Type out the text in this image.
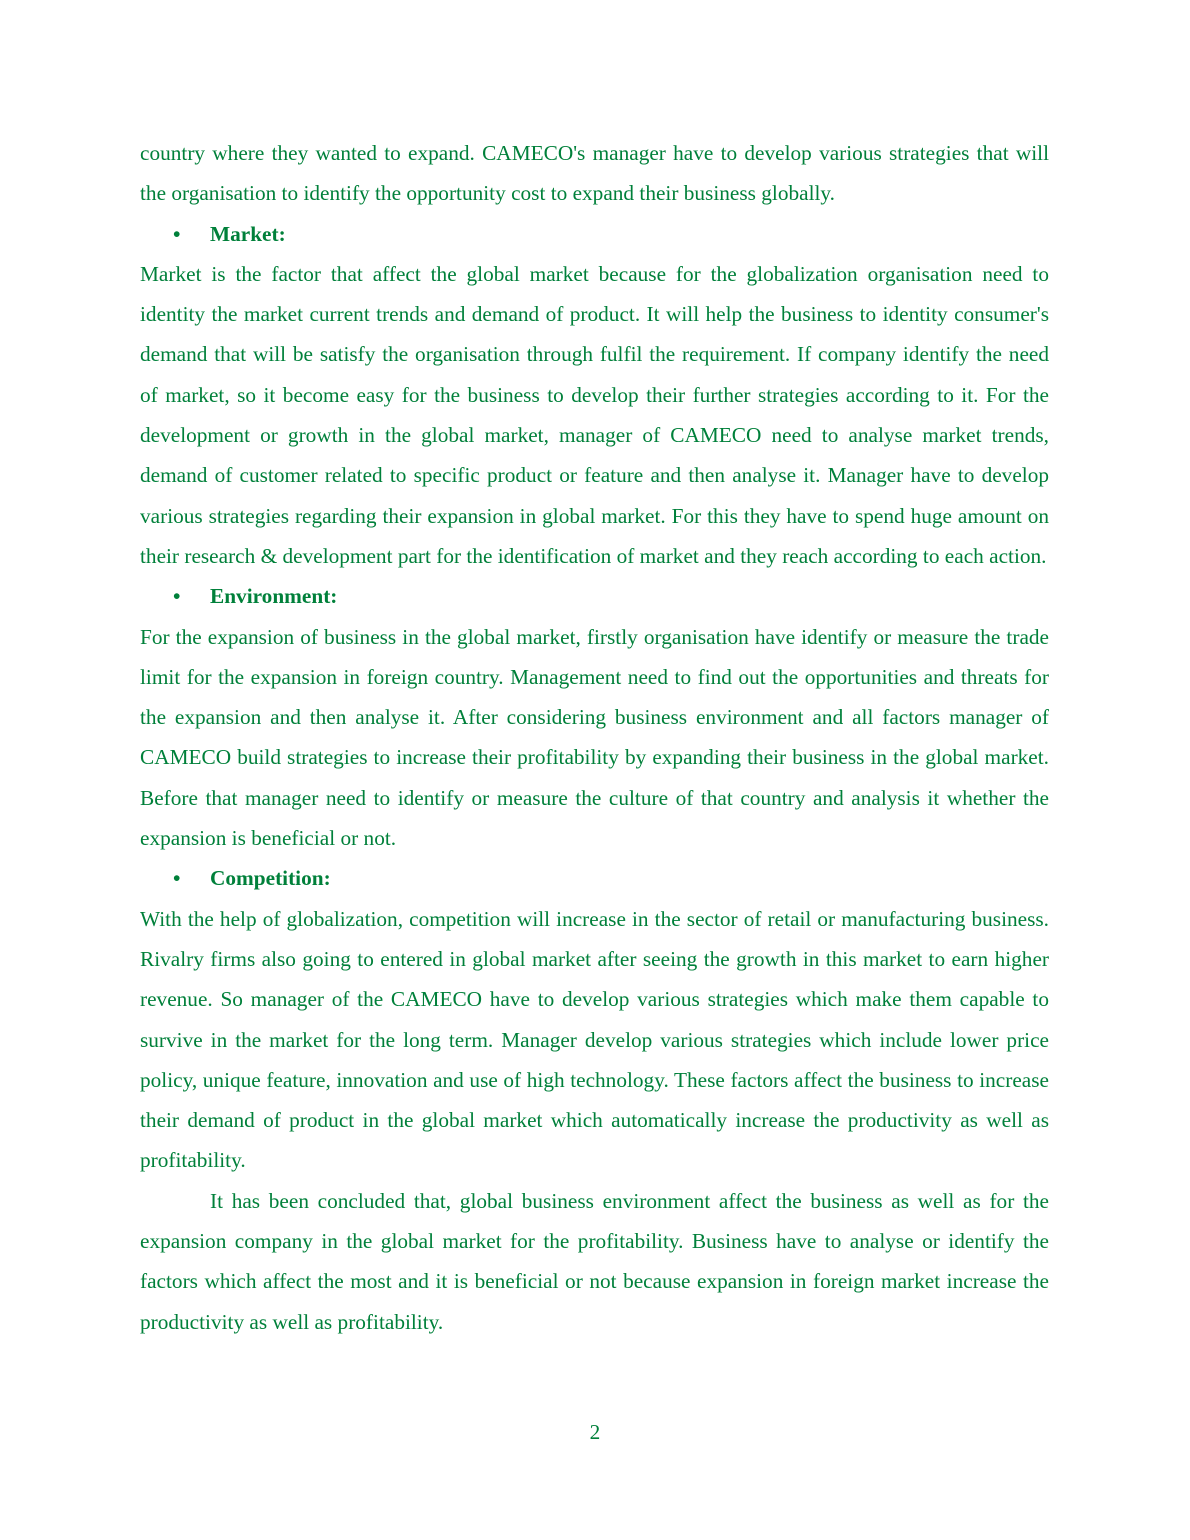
country where they wanted to expand. CAMECO's manager have to develop various strategies that will the organisation to identify the opportunity cost to expand their business globally.

• Market:

Market is the factor that affect the global market because for the globalization organisation need to identity the market current trends and demand of product. It will help the business to identity consumer's demand that will be satisfy the organisation through fulfil the requirement. If company identify the need of market, so it become easy for the business to develop their further strategies according to it. For the development or growth in the global market, manager of CAMECO need to analyse market trends, demand of customer related to specific product or feature and then analyse it. Manager have to develop various strategies regarding their expansion in global market. For this they have to spend huge amount on their research & development part for the identification of market and they reach according to each action.

• Environment:

For the expansion of business in the global market, firstly organisation have identify or measure the trade limit for the expansion in foreign country. Management need to find out the opportunities and threats for the expansion and then analyse it. After considering business environment and all factors manager of CAMECO build strategies to increase their profitability by expanding their business in the global market. Before that manager need to identify or measure the culture of that country and analysis it whether the expansion is beneficial or not.

• Competition:

With the help of globalization, competition will increase in the sector of retail or manufacturing business. Rivalry firms also going to entered in global market after seeing the growth in this market to earn higher revenue. So manager of the CAMECO have to develop various strategies which make them capable to survive in the market for the long term. Manager develop various strategies which include lower price policy, unique feature, innovation and use of high technology. These factors affect the business to increase their demand of product in the global market which automatically increase the productivity as well as profitability.

It has been concluded that, global business environment affect the business as well as for the expansion company in the global market for the profitability. Business have to analyse or identify the factors which affect the most and it is beneficial or not because expansion in foreign market increase the productivity as well as profitability.

2
